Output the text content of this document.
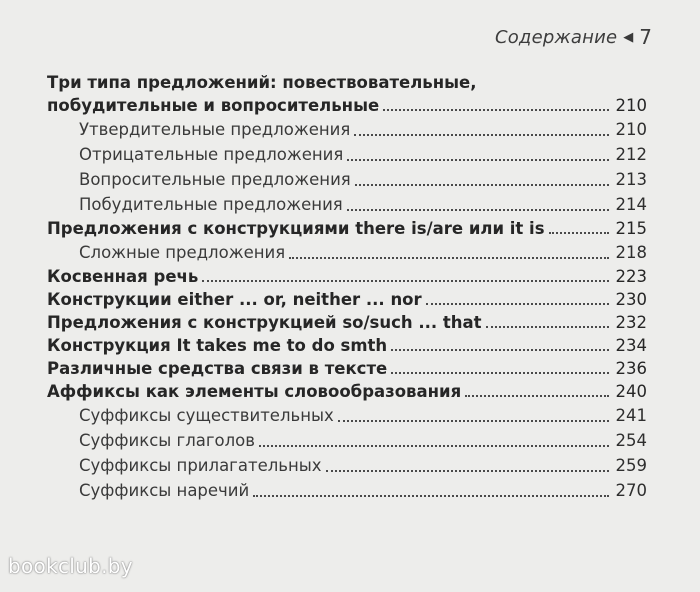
Содержание ◀ 7
Три типа предложений: повествовательные,
побудительные и вопросительные	210
Утвердительные предложения	210
Отрицательные предложения	212
Вопросительные предложения	213
Побудительные предложения	214
Предложения с конструкциями there is/are или it is	215
Сложные предложения	218
Косвенная речь	223
Конструкции either ... or, neither ... nor	230
Предложения с конструкцией so/such ... that	232
Конструкция It takes me to do smth	234
Различные средства связи в тексте	236
Аффиксы как элементы словообразования	240
Суффиксы существительных	241
Суффиксы глаголов	254
Суффиксы прилагательных	259
Суффиксы наречий	270
bookclub.by
